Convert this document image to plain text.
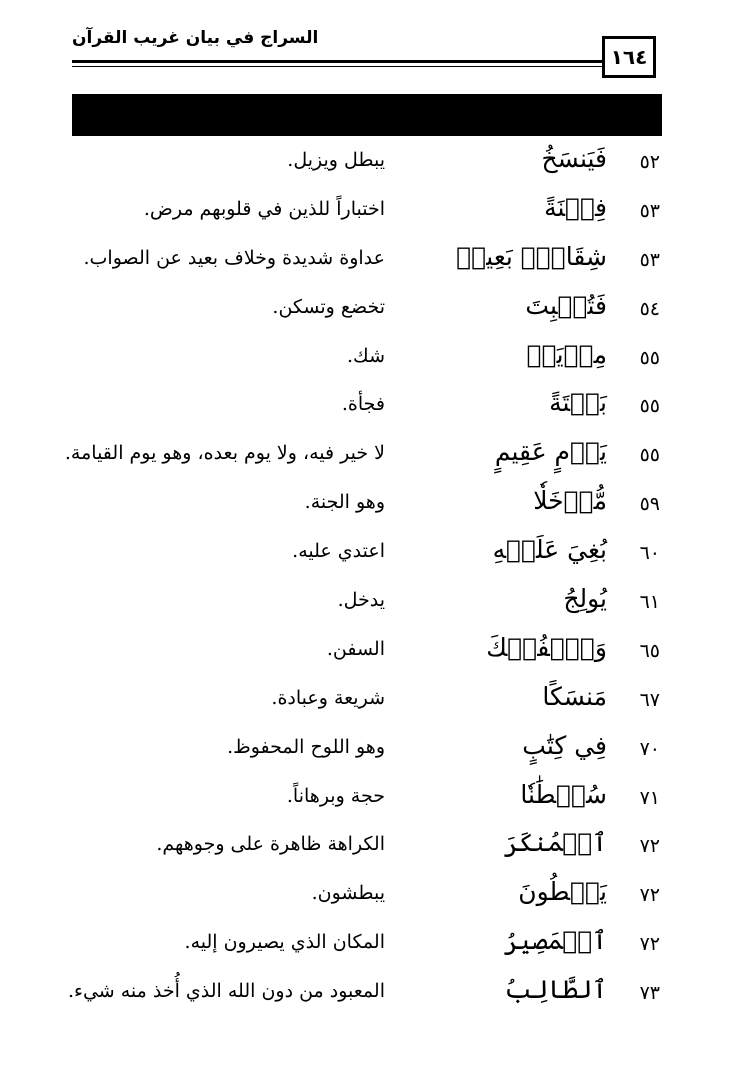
السراج في بيان غريب القرآن
١٦٤
٥٢
فَيَنسَخُ
يبطل ويزيل.
٥٣
فِتۡنَةً
اختباراً للذين في قلوبهم مرض.
٥٣
شِقَاقٍۭ بَعِيدٖ
عداوة شديدة وخلاف بعيد عن الصواب.
٥٤
فَتُخۡبِتَ
تخضع وتسكن.
٥٥
مِرۡيَةٖ
شك.
٥٥
بَغۡتَةً
فجأة.
٥٥
يَوۡمٍ عَقِيمٍ
لا خير فيه، ولا يوم بعده، وهو يوم القيامة.
٥٩
مُّدۡخَلٗا
وهو الجنة.
٦٠
بُغِيَ عَلَيۡهِ
اعتدي عليه.
٦١
يُولِجُ
يدخل.
٦٥
وَٱلۡفُلۡكَ
السفن.
٦٧
مَنسَكًا
شريعة وعبادة.
٧٠
فِي كِتَٰبٍ
وهو اللوح المحفوظ.
٧١
سُلۡطَٰنٗا
حجة وبرهاناً.
٧٢
ٱلۡمُنكَرَ
الكراهة ظاهرة على وجوههم.
٧٢
يَسۡطُونَ
يبطشون.
٧٢
ٱلۡمَصِيرُ
المكان الذي يصيرون إليه.
٧٣
ٱلطَّالِبُ
المعبود من دون الله الذي أُخذ منه شيء.
